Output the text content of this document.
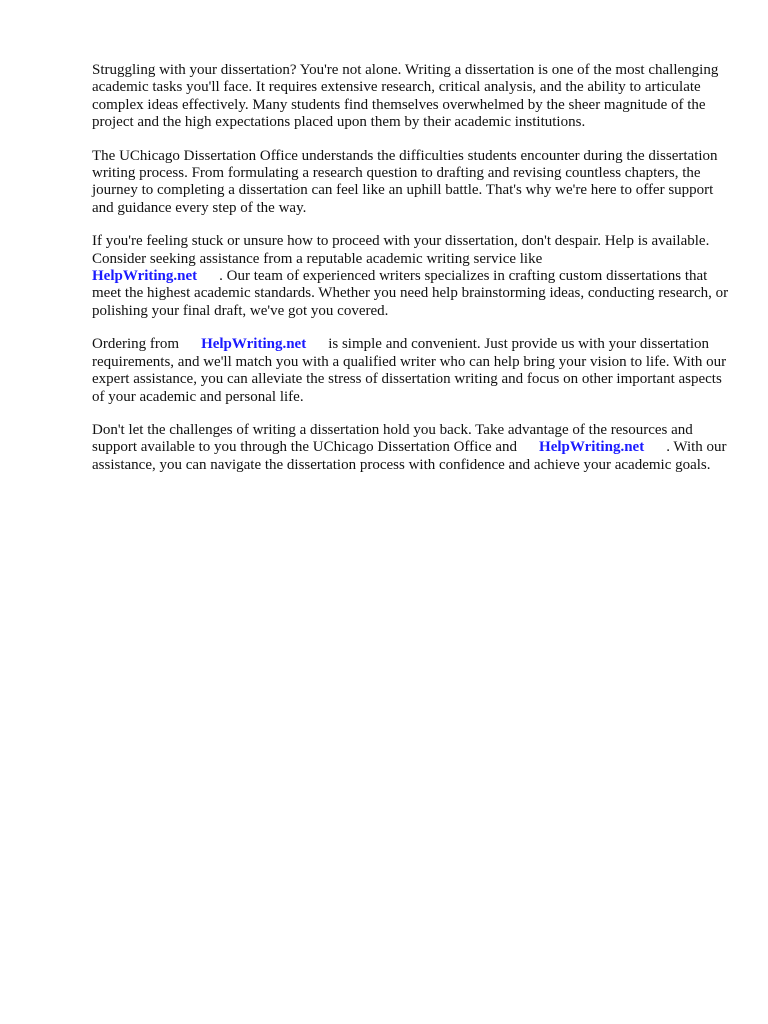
Struggling with your dissertation? You're not alone. Writing a dissertation is one of the most challenging academic tasks you'll face. It requires extensive research, critical analysis, and the ability to articulate complex ideas effectively. Many students find themselves overwhelmed by the sheer magnitude of the project and the high expectations placed upon them by their academic institutions.

The UChicago Dissertation Office understands the difficulties students encounter during the dissertation writing process. From formulating a research question to drafting and revising countless chapters, the journey to completing a dissertation can feel like an uphill battle. That's why we're here to offer support and guidance every step of the way.

If you're feeling stuck or unsure how to proceed with your dissertation, don't despair. Help is available. Consider seeking assistance from a reputable academic writing service like
HelpWriting.net . Our team of experienced writers specializes in crafting custom dissertations that meet the highest academic standards. Whether you need help brainstorming ideas, conducting research, or polishing your final draft, we've got you covered.

Ordering from HelpWriting.net is simple and convenient. Just provide us with your dissertation requirements, and we'll match you with a qualified writer who can help bring your vision to life. With our expert assistance, you can alleviate the stress of dissertation writing and focus on other important aspects of your academic and personal life.

Don't let the challenges of writing a dissertation hold you back. Take advantage of the resources and support available to you through the UChicago Dissertation Office and HelpWriting.net . With our assistance, you can navigate the dissertation process with confidence and achieve your academic goals.
